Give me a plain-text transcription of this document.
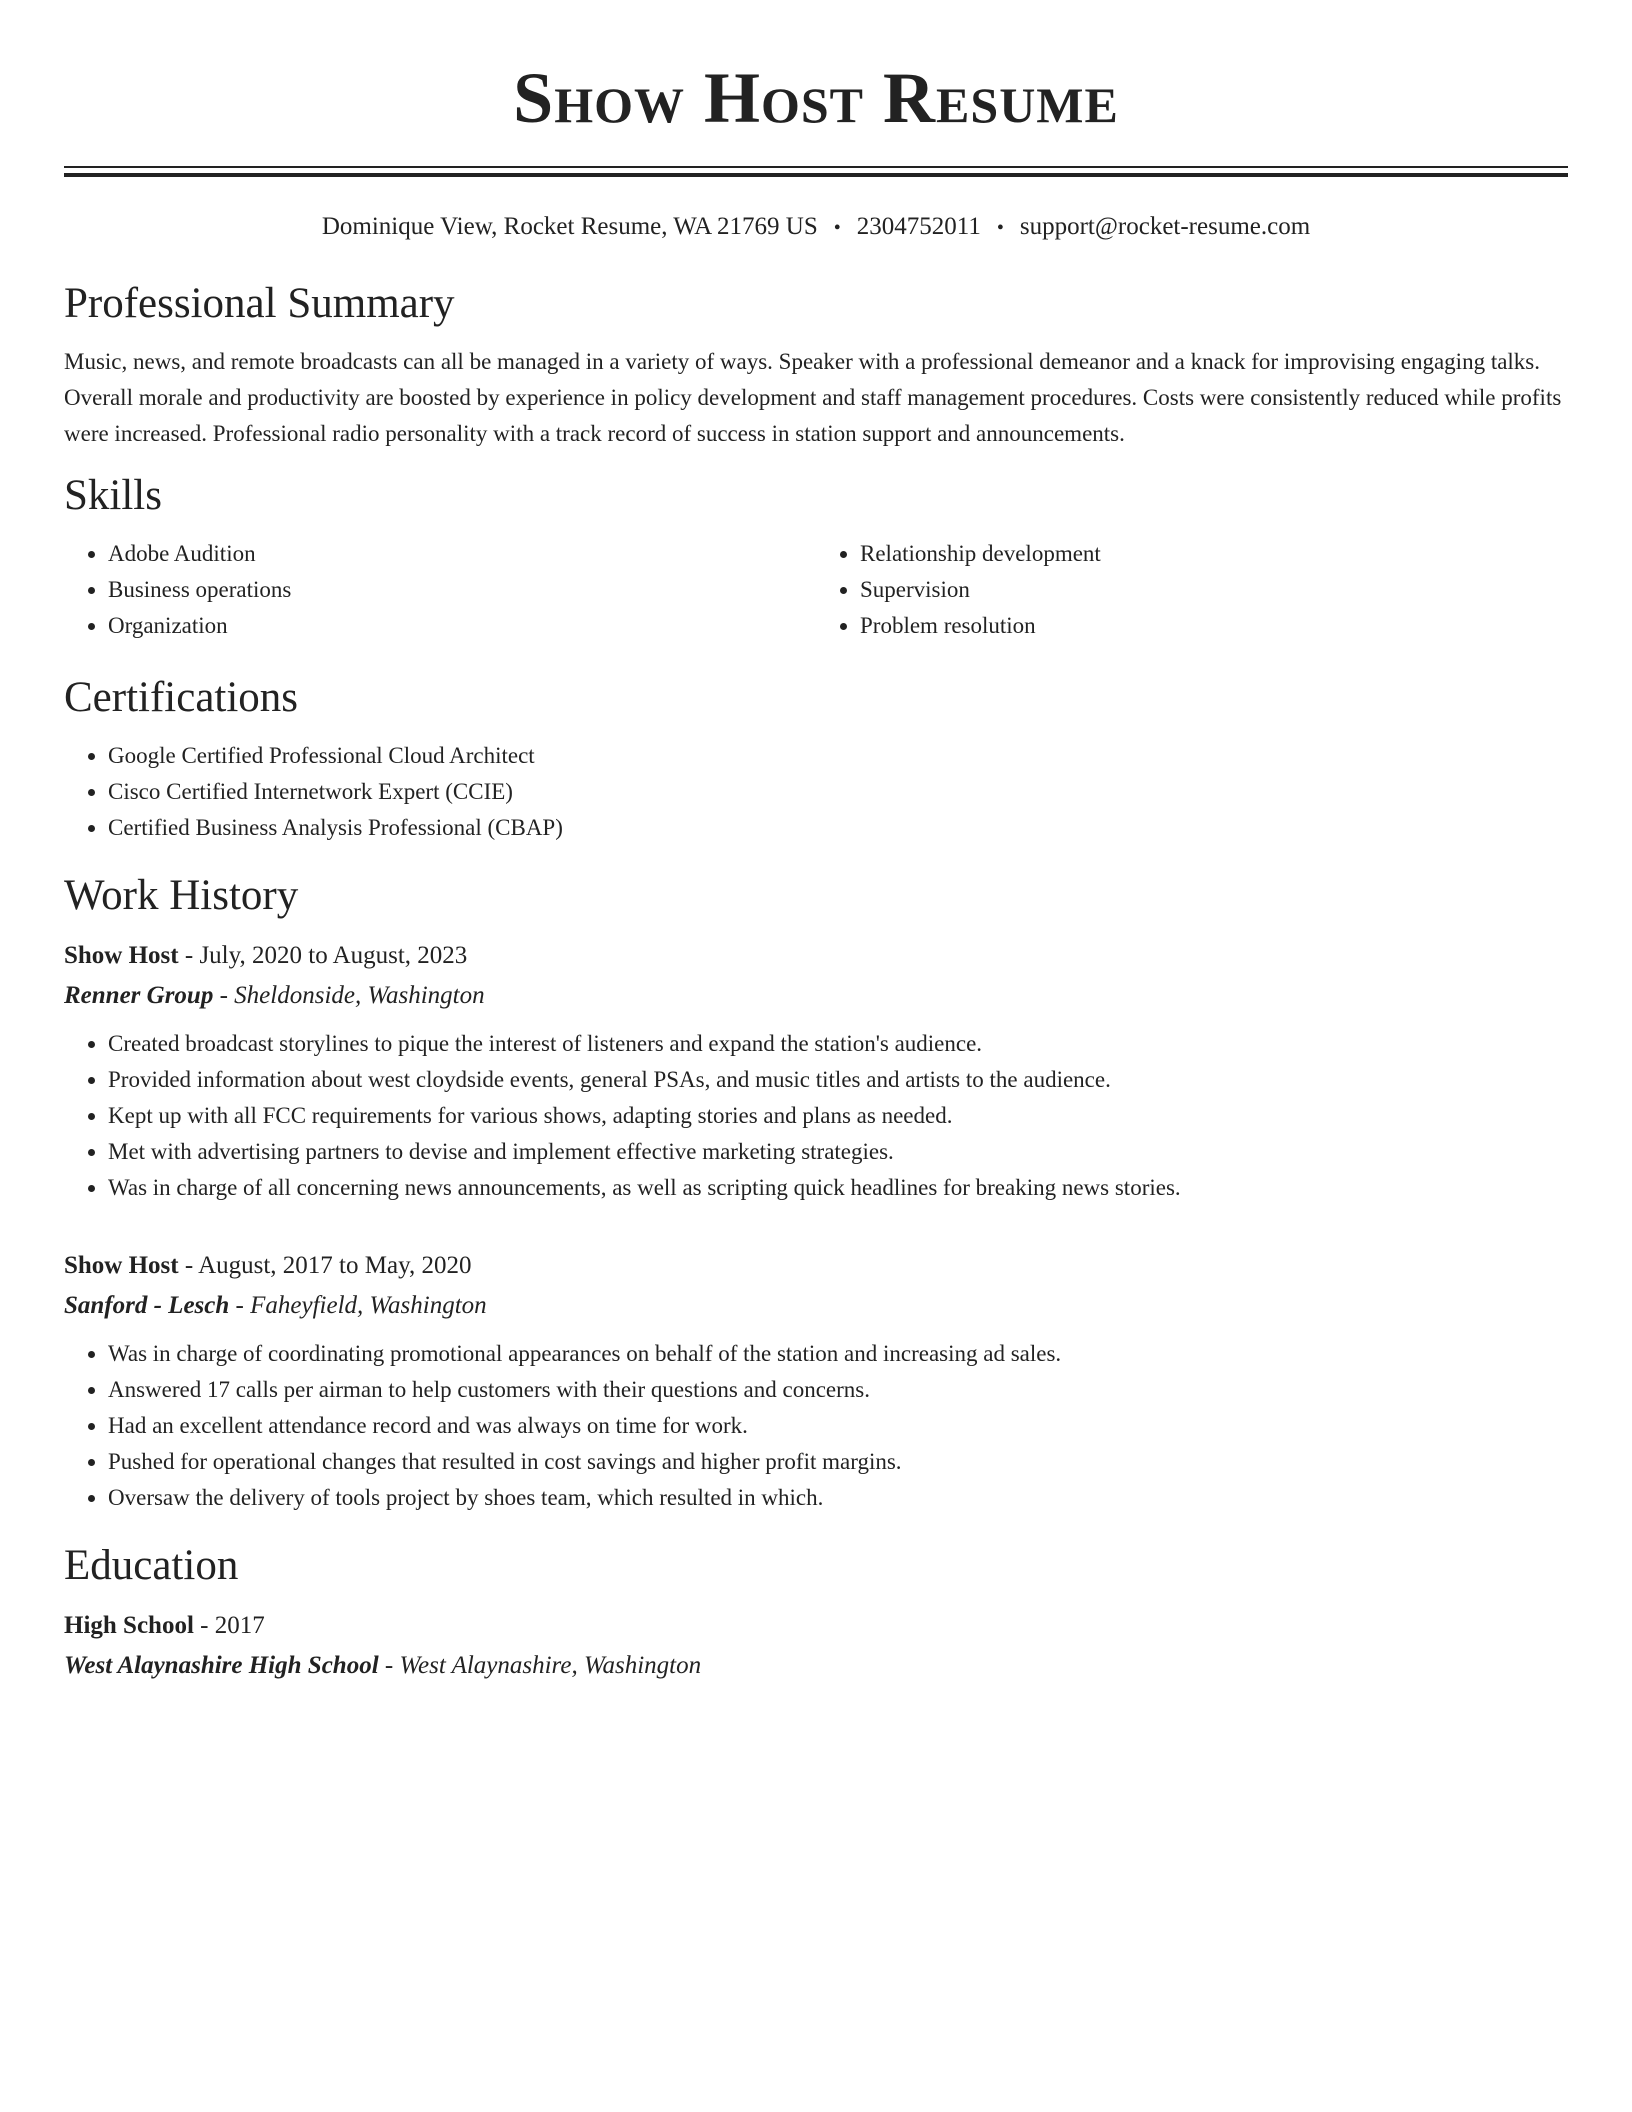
Show Host Resume
Dominique View, Rocket Resume, WA 21769 US • 2304752011 • support@rocket-resume.com
Professional Summary

Music, news, and remote broadcasts can all be managed in a variety of ways. Speaker with a professional demeanor and a knack for improvising engaging talks. Overall morale and productivity are boosted by experience in policy development and staff management procedures. Costs were consistently reduced while profits were increased. Professional radio personality with a track record of success in station support and announcements.

Skills
• Adobe Audition
• Business operations
• Organization
• Relationship development
• Supervision
• Problem resolution
Certifications
• Google Certified Professional Cloud Architect
• Cisco Certified Internetwork Expert (CCIE)
• Certified Business Analysis Professional (CBAP)
Work History
Show Host - July, 2020 to August, 2023
Renner Group - Sheldonside, Washington
• Created broadcast storylines to pique the interest of listeners and expand the station's audience.
• Provided information about west cloydside events, general PSAs, and music titles and artists to the audience.
• Kept up with all FCC requirements for various shows, adapting stories and plans as needed.
• Met with advertising partners to devise and implement effective marketing strategies.
• Was in charge of all concerning news announcements, as well as scripting quick headlines for breaking news stories.
Show Host - August, 2017 to May, 2020
Sanford - Lesch - Faheyfield, Washington
• Was in charge of coordinating promotional appearances on behalf of the station and increasing ad sales.
• Answered 17 calls per airman to help customers with their questions and concerns.
• Had an excellent attendance record and was always on time for work.
• Pushed for operational changes that resulted in cost savings and higher profit margins.
• Oversaw the delivery of tools project by shoes team, which resulted in which.
Education
High School - 2017
West Alaynashire High School - West Alaynashire, Washington
